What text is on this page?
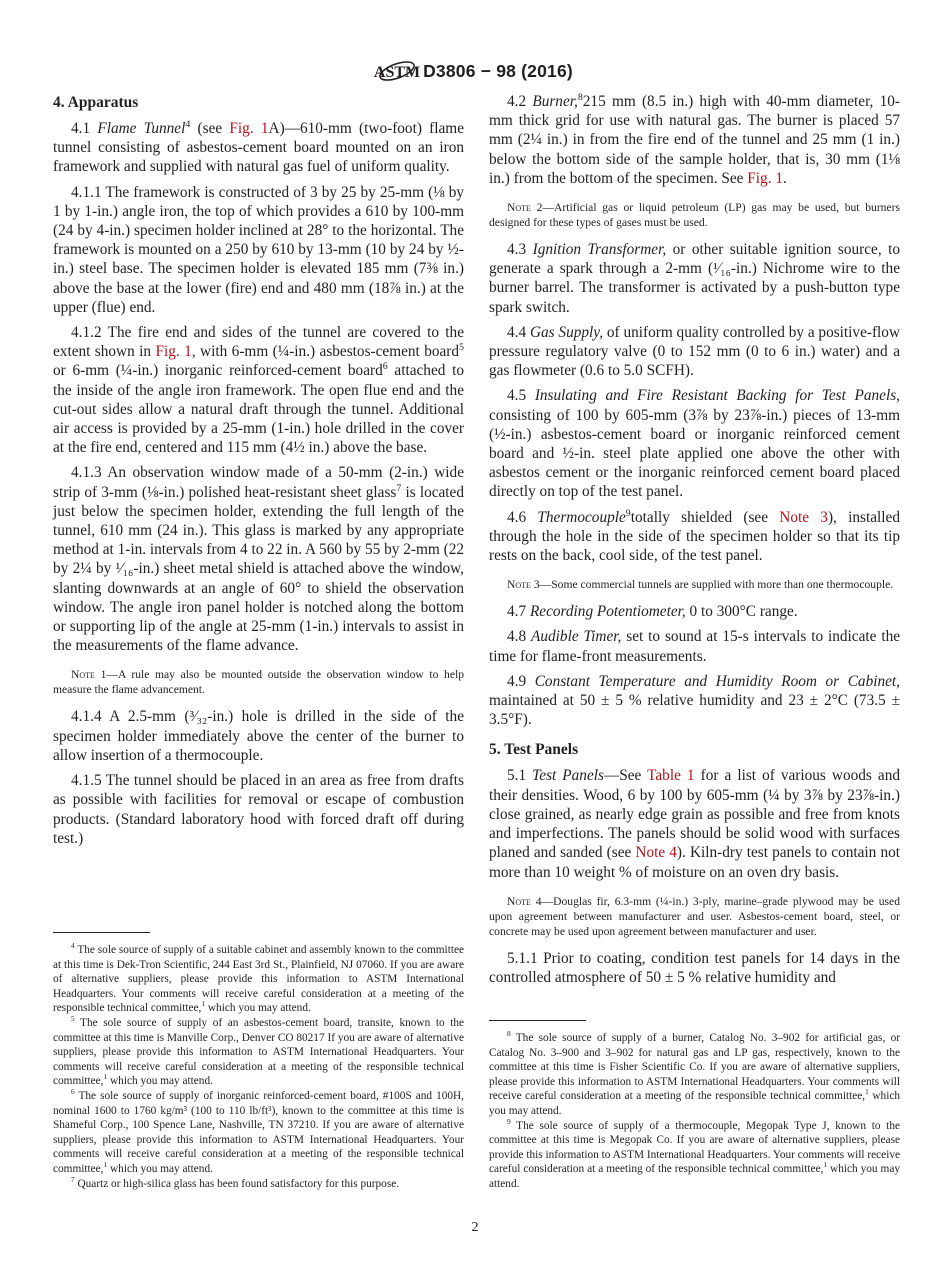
ASTM D3806 − 98 (2016)
4. Apparatus

4.1 Flame Tunnel$^4$ (see Fig. 1A)—610-mm (two-foot) flame tunnel consisting of asbestos-cement board mounted on an iron framework and supplied with natural gas fuel of uniform quality.

4.1.1 The framework is constructed of 3 by 25 by 25-mm (⅛ by 1 by 1-in.) angle iron, the top of which provides a 610 by 100-mm (24 by 4-in.) specimen holder inclined at 28° to the horizontal. The framework is mounted on a 250 by 610 by 13-mm (10 by 24 by ½-in.) steel base. The specimen holder is elevated 185 mm (7⅜ in.) above the base at the lower (fire) end and 480 mm (18⅞ in.) at the upper (flue) end.

4.1.2 The fire end and sides of the tunnel are covered to the extent shown in Fig. 1, with 6-mm (¼-in.) asbestos-cement board$^5$ or 6-mm (¼-in.) inorganic reinforced-cement board$^6$ attached to the inside of the angle iron framework. The open flue end and the cut-out sides allow a natural draft through the tunnel. Additional air access is provided by a 25-mm (1-in.) hole drilled in the cover at the fire end, centered and 115 mm (4½ in.) above the base.

4.1.3 An observation window made of a 50-mm (2-in.) wide strip of 3-mm (⅛-in.) polished heat-resistant sheet glass$^7$ is located just below the specimen holder, extending the full length of the tunnel, 610 mm (24 in.). This glass is marked by any appropriate method at 1-in. intervals from 4 to 22 in. A 560 by 55 by 2-mm (22 by 2¼ by ¹⁄₁₆-in.) sheet metal shield is attached above the window, slanting downwards at an angle of 60° to shield the observation window. The angle iron panel holder is notched along the bottom or supporting lip of the angle at 25-mm (1-in.) intervals to assist in the measurements of the flame advance.

Note 1—A rule may also be mounted outside the observation window to help measure the flame advancement.

4.1.4 A 2.5-mm (³⁄₃₂-in.) hole is drilled in the side of the specimen holder immediately above the center of the burner to allow insertion of a thermocouple.

4.1.5 The tunnel should be placed in an area as free from drafts as possible with facilities for removal or escape of combustion products. (Standard laboratory hood with forced draft off during test.)

$^4$ The sole source of supply of a suitable cabinet and assembly known to the committee at this time is Dek-Tron Scientific, 244 East 3rd St., Plainfield, NJ 07060. If you are aware of alternative suppliers, please provide this information to ASTM International Headquarters. Your comments will receive careful consideration at a meeting of the responsible technical committee,$^1$ which you may attend.

$^5$ The sole source of supply of an asbestos-cement board, transite, known to the committee at this time is Manville Corp., Denver CO 80217 If you are aware of alternative suppliers, please provide this information to ASTM International Headquarters. Your comments will receive careful consideration at a meeting of the responsible technical committee,$^1$ which you may attend.

$^6$ The sole source of supply of inorganic reinforced-cement board, #100S and 100H, nominal 1600 to 1760 kg/m³ (100 to 110 lb/ft³), known to the committee at this time is Shameful Corp., 100 Spence Lane, Nashville, TN 37210. If you are aware of alternative suppliers, please provide this information to ASTM International Headquarters. Your comments will receive careful consideration at a meeting of the responsible technical committee,$^1$ which you may attend.

$^7$ Quartz or high-silica glass has been found satisfactory for this purpose.

4.2 Burner,$^8$215 mm (8.5 in.) high with 40-mm diameter, 10-mm thick grid for use with natural gas. The burner is placed 57 mm (2¼ in.) in from the fire end of the tunnel and 25 mm (1 in.) below the bottom side of the sample holder, that is, 30 mm (1⅛ in.) from the bottom of the specimen. See Fig. 1.

Note 2—Artificial gas or liquid petroleum (LP) gas may be used, but burners designed for these types of gases must be used.

4.3 Ignition Transformer, or other suitable ignition source, to generate a spark through a 2-mm (¹⁄₁₆-in.) Nichrome wire to the burner barrel. The transformer is activated by a push-button type spark switch.

4.4 Gas Supply, of uniform quality controlled by a positive-flow pressure regulatory valve (0 to 152 mm (0 to 6 in.) water) and a gas flowmeter (0.6 to 5.0 SCFH).

4.5 Insulating and Fire Resistant Backing for Test Panels, consisting of 100 by 605-mm (3⅞ by 23⅞-in.) pieces of 13-mm (½-in.) asbestos-cement board or inorganic reinforced cement board and ½-in. steel plate applied one above the other with asbestos cement or the inorganic reinforced cement board placed directly on top of the test panel.

4.6 Thermocouple$^9$totally shielded (see Note 3), installed through the hole in the side of the specimen holder so that its tip rests on the back, cool side, of the test panel.

Note 3—Some commercial tunnels are supplied with more than one thermocouple.

4.7 Recording Potentiometer, 0 to 300°C range.

4.8 Audible Timer, set to sound at 15-s intervals to indicate the time for flame-front measurements.

4.9 Constant Temperature and Humidity Room or Cabinet, maintained at 50 ± 5 % relative humidity and 23 ± 2°C (73.5 ± 3.5°F).

5. Test Panels

5.1 Test Panels—See Table 1 for a list of various woods and their densities. Wood, 6 by 100 by 605-mm (¼ by 3⅞ by 23⅞-in.) close grained, as nearly edge grain as possible and free from knots and imperfections. The panels should be solid wood with surfaces planed and sanded (see Note 4). Kiln-dry test panels to contain not more than 10 weight % of moisture on an oven dry basis.

Note 4—Douglas fir, 6.3-mm (¼-in.) 3-ply, marine–grade plywood may be used upon agreement between manufacturer and user. Asbestos-cement board, steel, or concrete may be used upon agreement between manufacturer and user.

5.1.1 Prior to coating, condition test panels for 14 days in the controlled atmosphere of 50 ± 5 % relative humidity and

$^8$ The sole source of supply of a burner, Catalog No. 3–902 for artificial gas, or Catalog No. 3–900 and 3–902 for natural gas and LP gas, respectively, known to the committee at this time is Fisher Scientific Co. If you are aware of alternative suppliers, please provide this information to ASTM International Headquarters. Your comments will receive careful consideration at a meeting of the responsible technical committee,$^1$ which you may attend.

$^9$ The sole source of supply of a thermocouple, Megopak Type J, known to the committee at this time is Megopak Co. If you are aware of alternative suppliers, please provide this information to ASTM International Headquarters. Your comments will receive careful consideration at a meeting of the responsible technical committee,$^1$ which you may attend.

2
